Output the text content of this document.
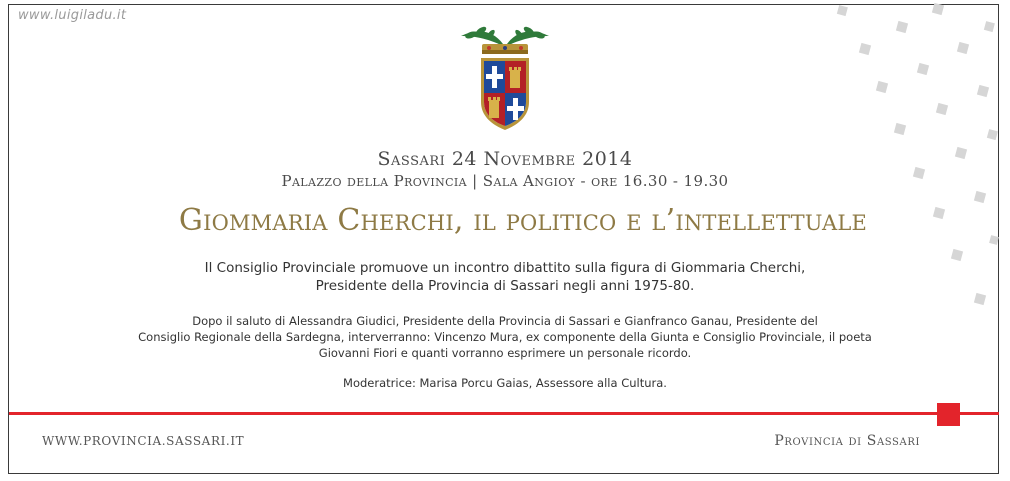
www.luigiladu.it
Sassari 24 Novembre 2014
Palazzo della Provincia | Sala Angioy - ore 16.30 - 19.30
Giommaria Cherchi, il politico e l’intellettuale
Il Consiglio Provinciale promuove un incontro dibattito sulla figura di Giommaria Cherchi,
Presidente della Provincia di Sassari negli anni 1975-80.
Dopo il saluto di Alessandra Giudici, Presidente della Provincia di Sassari e Gianfranco Ganau, Presidente del
Consiglio Regionale della Sardegna, interverranno: Vincenzo Mura, ex componente della Giunta e Consiglio Provinciale, il poeta
Giovanni Fiori e quanti vorranno esprimere un personale ricordo.
Moderatrice: Marisa Porcu Gaias, Assessore alla Cultura.
WWW.PROVINCIA.SASSARI.IT	Provincia di Sassari
